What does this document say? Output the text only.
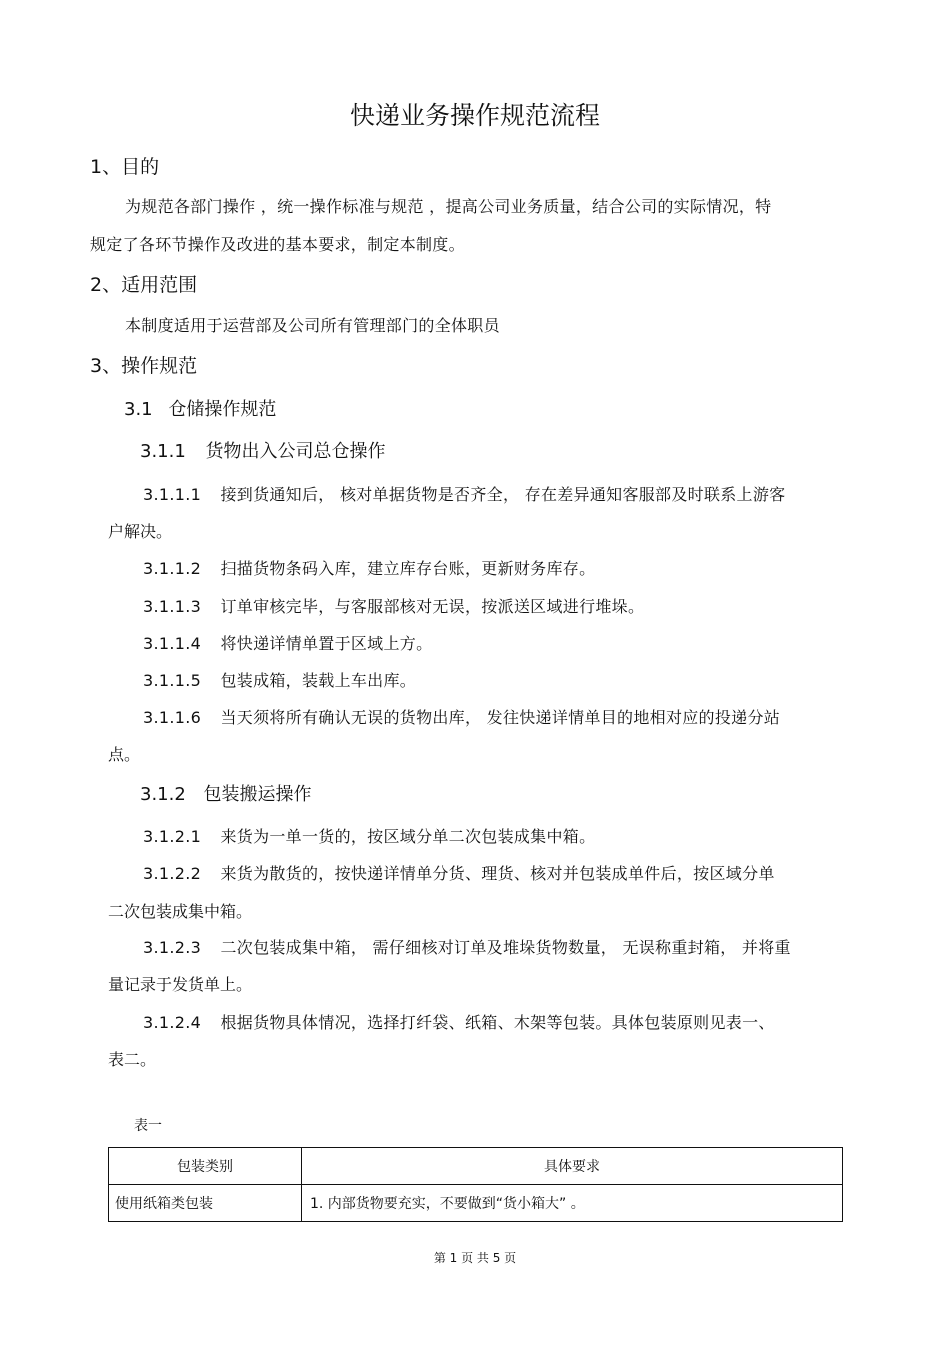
快递业务操作规范流程
1、目的
为规范各部门操作 ，统一操作标准与规范 ，提高公司业务质量，结合公司的实际情况，特
规定了各环节操作及改进的基本要求，制定本制度。
2、适用范围
本制度适用于运营部及公司所有管理部门的全体职员
3、操作规范
3.1 仓储操作规范
3.1.1 货物出入公司总仓操作
3.1.1.1 接到货通知后， 核对单据货物是否齐全， 存在差异通知客服部及时联系上游客
户解决。
3.1.1.2 扫描货物条码入库，建立库存台账，更新财务库存。
3.1.1.3 订单审核完毕，与客服部核对无误，按派送区域进行堆垛。
3.1.1.4 将快递详情单置于区域上方。
3.1.1.5 包装成箱，装载上车出库。
3.1.1.6 当天须将所有确认无误的货物出库， 发往快递详情单目的地相对应的投递分站
点。
3.1.2 包装搬运操作
3.1.2.1 来货为一单一货的，按区域分单二次包装成集中箱。
3.1.2.2 来货为散货的，按快递详情单分货、理货、核对并包装成单件后，按区域分单
二次包装成集中箱。
3.1.2.3 二次包装成集中箱， 需仔细核对订单及堆垛货物数量， 无误称重封箱， 并将重
量记录于发货单上。
3.1.2.4 根据货物具体情况，选择打纤袋、纸箱、木架等包装。具体包装原则见表一、
表二。
表一
包装类别	具体要求
使用纸箱类包装	1. 内部货物要充实，不要做到“货小箱大” 。
第 1 页 共 5 页
